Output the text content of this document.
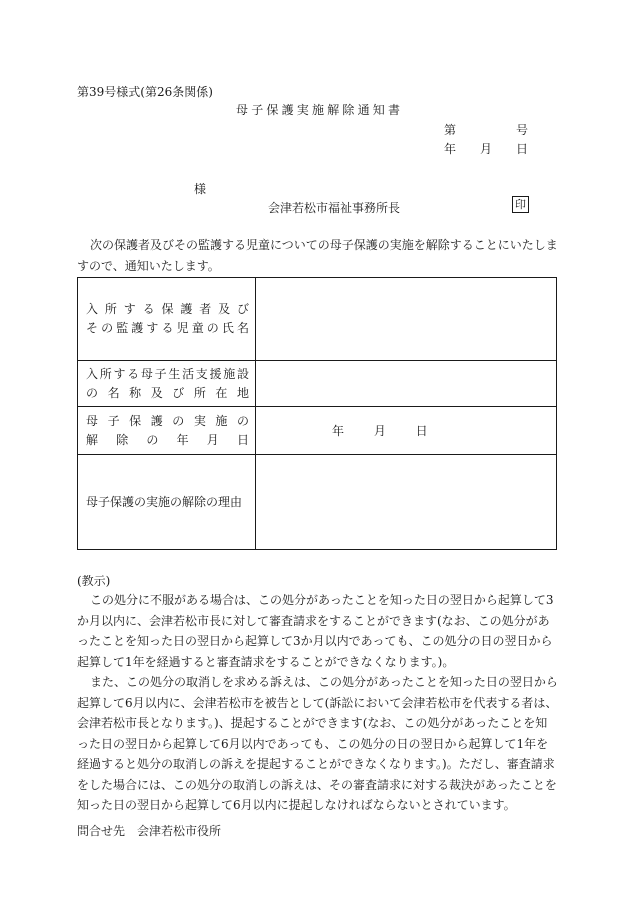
第39号様式(第26条関係)
母子保護実施解除通知書
第	号
年	月	日
様
会津若松市福祉事務所長	印
次の保護者及びその監護する児童についての母子保護の実施を解除することにいたしますので、通知いたします。
入所する保護者及び
その監護する児童の氏名	

入所する母子生活支援施設
の名称及び所在地	

母子保護の実施の
解除の年月日	年 月 日

母子保護の実施の解除の理由	
(教示)

この処分に不服がある場合は、この処分があったことを知った日の翌日から起算して3か月以内に、会津若松市長に対して審査請求をすることができます(なお、この処分があったことを知った日の翌日から起算して3か月以内であっても、この処分の日の翌日から起算して1年を経過すると審査請求をすることができなくなります。)。

また、この処分の取消しを求める訴えは、この処分があったことを知った日の翌日から起算して6月以内に、会津若松市を被告として(訴訟において会津若松市を代表する者は、会津若松市長となります。)、提起することができます(なお、この処分があったことを知った日の翌日から起算して6月以内であっても、この処分の日の翌日から起算して1年を経過すると処分の取消しの訴えを提起することができなくなります。)。ただし、審査請求をした場合には、この処分の取消しの訴えは、その審査請求に対する裁決があったことを知った日の翌日から起算して6月以内に提起しなければならないとされています。

問合せ先　会津若松市役所
